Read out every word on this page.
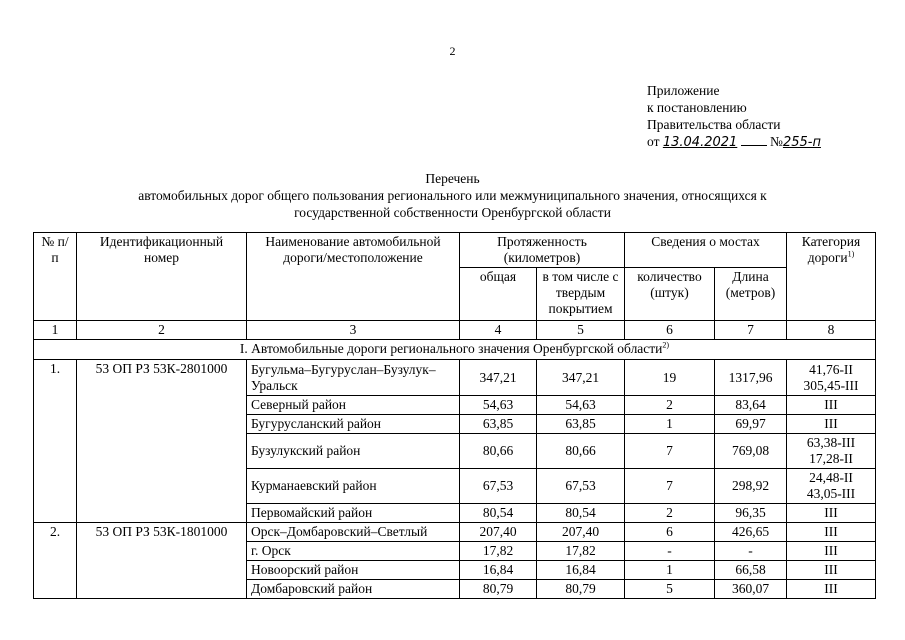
2
Приложение
к постановлению
Правительства области
от 13.04.2021 №255-п
Перечень
автомобильных дорог общего пользования регионального или межмуниципального значения, относящихся к
государственной собственности Оренбургской области
№ п/п	Идентификационный номер	Наименование автомобильной дороги/местоположение	Протяженность (километров)		Сведения о мостах		Категория дороги$^{1)}$
			общая	в том числе с твердым покрытием	количество (штук)	Длина (метров)	
1	2	3	4	5	6	7	8
I. Автомобильные дороги регионального значения Оренбургской области$^{2)}$
1.	53 ОП РЗ 53К-2801000	Бугульма–Бугуруслан–Бузулук–Уральск	347,21	347,21	19	1317,96	41,76-II
305,45-III

		Северный район	54,63	54,63	2	83,64	III

		Бугурусланский район	63,85	63,85	1	69,97	III

		Бузулукский район	80,66	80,66	7	769,08	63,38-III
17,28-II

		Курманаевский район	67,53	67,53	7	298,92	24,48-II
43,05-III

		Первомайский район	80,54	80,54	2	96,35	III

2.	53 ОП РЗ 53К-1801000	Орск–Домбаровский–Светлый	207,40	207,40	6	426,65	III

		г. Орск	17,82	17,82	-	-	III

		Новоорский район	16,84	16,84	1	66,58	III

		Домбаровский район	80,79	80,79	5	360,07	III
